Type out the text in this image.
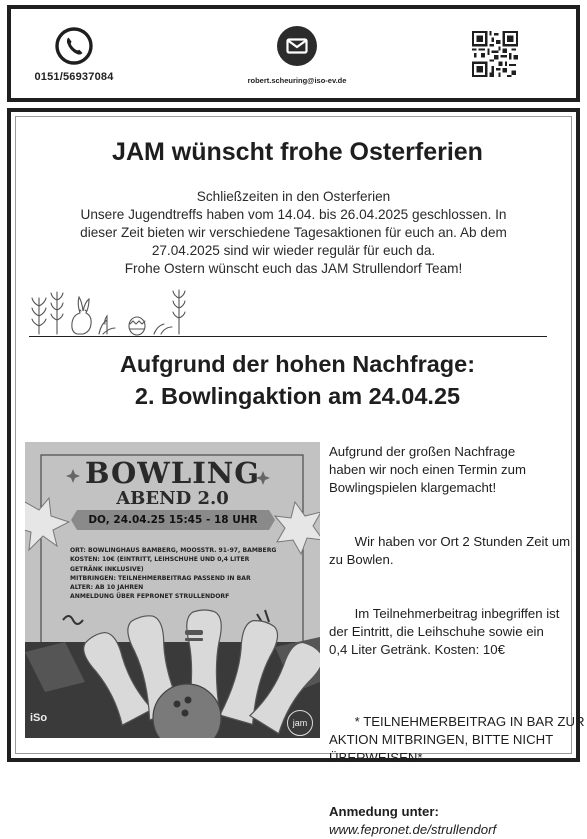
0151/56937084	robert.scheuring@iso-ev.de
JAM wünscht frohe Osterferien
Schließzeiten in den Osterferien
Unsere Jugendtreffs haben vom 14.04. bis 26.04.2025 geschlossen. In
dieser Zeit bieten wir verschiedene Tagesaktionen für euch an. Ab dem
27.04.2025 sind wir wieder regulär für euch da.
Frohe Ostern wünscht euch das JAM Strullendorf Team!
Aufgrund der hohen Nachfrage:
2. Bowlingaktion am 24.04.25
BOWLING
ABEND 2.0
DO, 24.04.25 15:45 - 18 UHR
ORT: BOWLINGHAUS BAMBERG, MOOSSTR. 91-97, BAMBERG
KOSTEN: 10€ (EINTRITT, LEIHSCHUHE UND 0,4 LITER
GETRÄNK INKLUSIVE)
MITBRINGEN: TEILNEHMERBEITRAG PASSEND IN BAR
ALTER: AB 10 JAHREN
ANMELDUNG ÜBER FEPRONET STRULLENDORF
iSo	jam

Aufgrund der großen Nachfrage
haben wir noch einen Termin zum
Bowlingspielen klargemacht!

Wir haben vor Ort 2 Stunden Zeit um
zu Bowlen.

Im Teilnehmerbeitrag inbegriffen ist
der Eintritt, die Leihschuhe sowie ein
0,4 Liter Getränk. Kosten: 10€

* TEILNEHMERBEITRAG IN BAR ZUR
AKTION MITBRINGEN, BITTE NICHT
ÜBERWEISEN*

Anmedung unter:

www.fepronet.de/strullendorf
